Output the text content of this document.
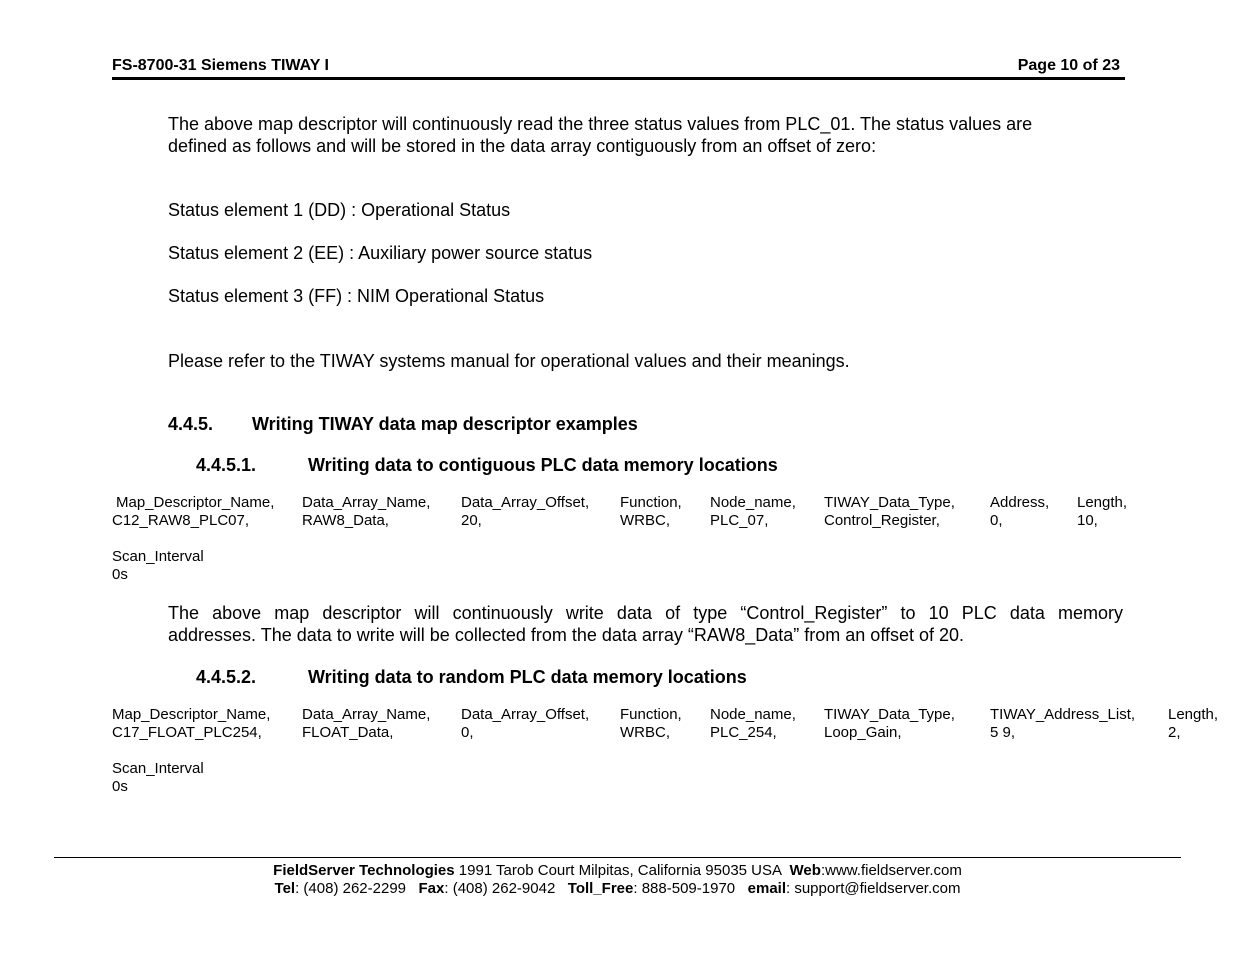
FS-8700-31 Siemens TIWAY I	Page 10 of 23
The above map descriptor will continuously read the three status values from PLC_01. The status values are
defined as follows and will be stored in the data array contiguously from an offset of zero:
Status element 1 (DD) : Operational Status
Status element 2 (EE) : Auxiliary power source status
Status element 3 (FF) : NIM Operational Status
Please refer to the TIWAY systems manual for operational values and their meanings.
4.4.5. Writing TIWAY data map descriptor examples
4.4.5.1.	Writing data to contiguous PLC data memory locations
Map_Descriptor_Name, Data_Array_Name, Data_Array_Offset, Function, Node_name, TIWAY_Data_Type, Address, Length,
C12_RAW8_PLC07,	RAW8_Data,	20,	WRBC,	PLC_07,	Control_Register,	0,	10,
Scan_Interval
0s
The above map descriptor will continuously write data of type “Control_Register” to 10 PLC data memory
addresses. The data to write will be collected from the data array “RAW8_Data” from an offset of 20.
4.4.5.2.	Writing data to random PLC data memory locations
Map_Descriptor_Name, Data_Array_Name, Data_Array_Offset, Function, Node_name, TIWAY_Data_Type, TIWAY_Address_List, Length,
C17_FLOAT_PLC254,	FLOAT_Data,	0,	WRBC,	PLC_254,	Loop_Gain,	5 9,	2,
Scan_Interval
0s
FieldServer Technologies 1991 Tarob Court Milpitas, California 95035 USA  Web:www.fieldserver.com
Tel: (408) 262-2299   Fax: (408) 262-9042   Toll_Free: 888-509-1970   email: support@fieldserver.com
